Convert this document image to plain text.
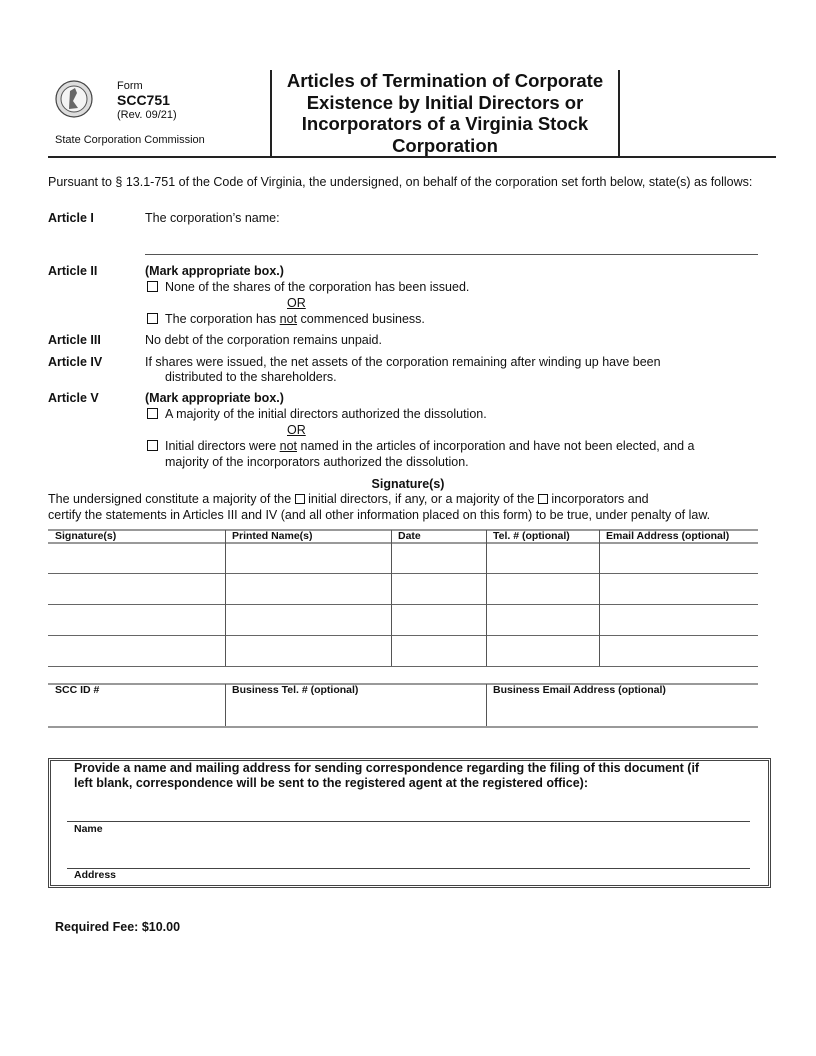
Form
SCC751
(Rev. 09/21)
State Corporation Commission
Articles of Termination of Corporate Existence by Initial Directors or Incorporators of a Virginia Stock Corporation
Pursuant to § 13.1-751 of the Code of Virginia, the undersigned, on behalf of the corporation set forth below, state(s) as follows:
Article I	The corporation’s name:
Article II	(Mark appropriate box.)
None of the shares of the corporation has been issued.
OR
The corporation has not commenced business.
Article III	No debt of the corporation remains unpaid.
Article IV	If shares were issued, the net assets of the corporation remaining after winding up have been
distributed to the shareholders.
Article V	(Mark appropriate box.)
A majority of the initial directors authorized the dissolution.
OR
Initial directors were not named in the articles of incorporation and have not been elected, and a
majority of the incorporators authorized the dissolution.
Signature(s)
The undersigned constitute a majority of the  initial directors, if any, or a majority of the  incorporators and
certify the statements in Articles III and IV (and all other information placed on this form) to be true, under penalty of law.
Provide a name and mailing address for sending correspondence regarding the filing of this document (if
left blank, correspondence will be sent to the registered agent at the registered office):
Name
Address
Required Fee: $10.00
Signature(s)	Printed Name(s)	Date	Tel. # (optional)	Email Address (optional)
SCC ID #	Business Tel. # (optional)	Business Email Address (optional)
